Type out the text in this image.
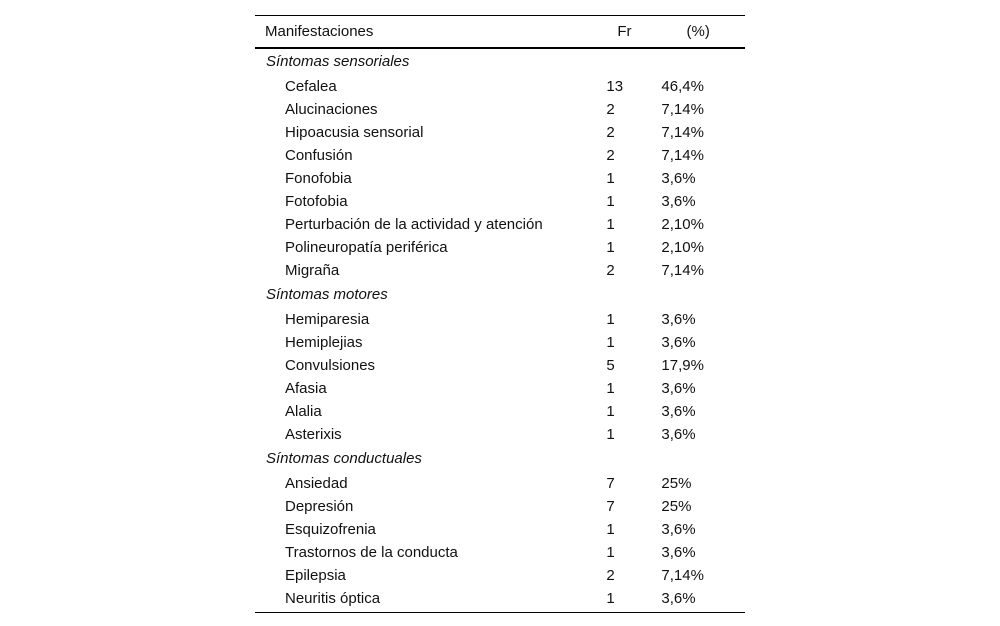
Manifestaciones	Fr	(%)
Síntomas sensoriales		
Cefalea	13	46,4%
Alucinaciones	2	7,14%
Hipoacusia sensorial	2	7,14%
Confusión	2	7,14%
Fonofobia	1	3,6%
Fotofobia	1	3,6%
Perturbación de la actividad y atención	1	2,10%
Polineuropatía periférica	1	2,10%
Migraña	2	7,14%
Síntomas motores		
Hemiparesia	1	3,6%
Hemiplejias	1	3,6%
Convulsiones	5	17,9%
Afasia	1	3,6%
Alalia	1	3,6%
Asterixis	1	3,6%
Síntomas conductuales		
Ansiedad	7	25%
Depresión	7	25%
Esquizofrenia	1	3,6%
Trastornos de la conducta	1	3,6%
Epilepsia	2	7,14%
Neuritis óptica	1	3,6%
